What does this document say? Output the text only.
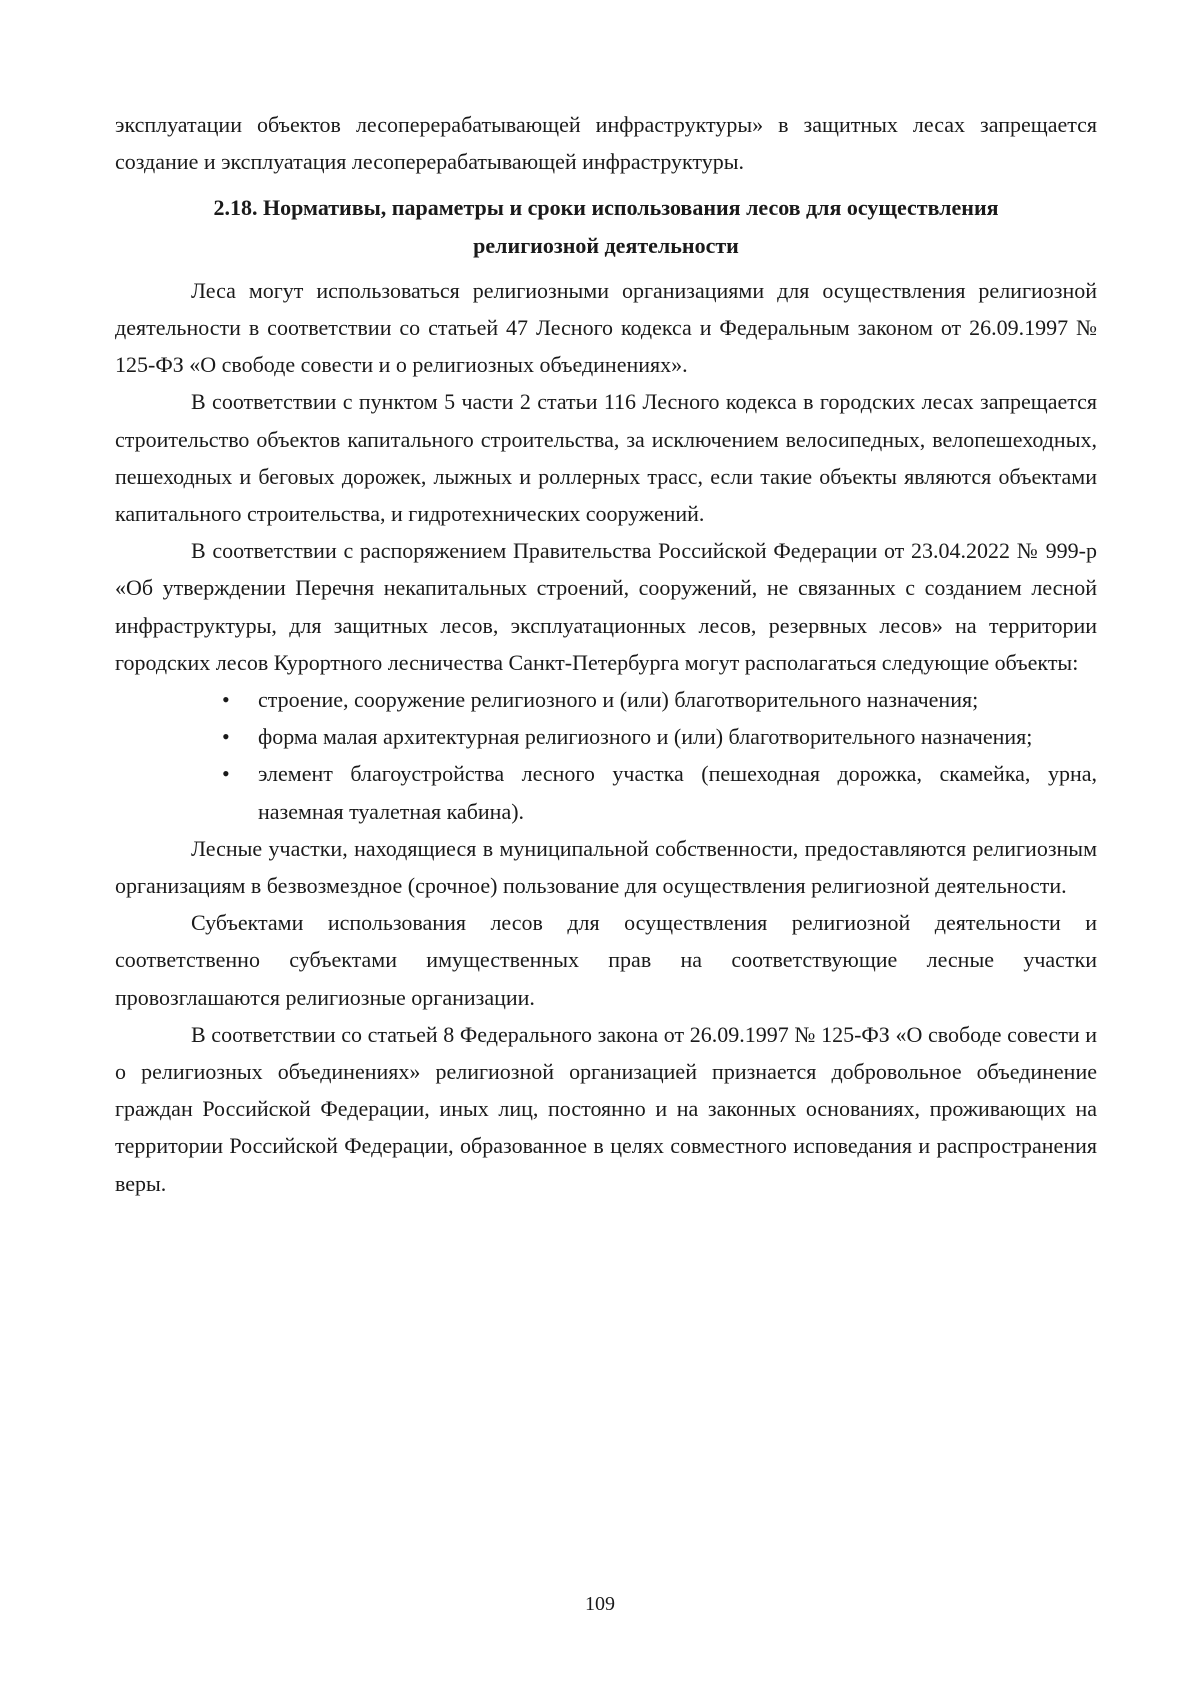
эксплуатации объектов лесоперерабатывающей инфраструктуры» в защитных лесах запрещается создание и эксплуатация лесоперерабатывающей инфраструктуры.

2.18. Нормативы, параметры и сроки использования лесов для осуществления религиозной деятельности

Леса могут использоваться религиозными организациями для осуществления религиозной деятельности в соответствии со статьей 47 Лесного кодекса и Федеральным законом от 26.09.1997 № 125-ФЗ «О свободе совести и о религиозных объединениях».

В соответствии с пунктом 5 части 2 статьи 116 Лесного кодекса в городских лесах запрещается строительство объектов капитального строительства, за исключением велосипедных, велопешеходных, пешеходных и беговых дорожек, лыжных и роллерных трасс, если такие объекты являются объектами капитального строительства, и гидротехнических сооружений.

В соответствии с распоряжением Правительства Российской Федерации от 23.04.2022 № 999-р «Об утверждении Перечня некапитальных строений, сооружений, не связанных с созданием лесной инфраструктуры, для защитных лесов, эксплуатационных лесов, резервных лесов» на территории городских лесов Курортного лесничества Санкт-Петербурга могут располагаться следующие объекты:

• строение, сооружение религиозного и (или) благотворительного назначения;
• форма малая архитектурная религиозного и (или) благотворительного назначения;
• элемент благоустройства лесного участка (пешеходная дорожка, скамейка, урна, наземная туалетная кабина).

Лесные участки, находящиеся в муниципальной собственности, предоставляются религиозным организациям в безвозмездное (срочное) пользование для осуществления религиозной деятельности.

Субъектами использования лесов для осуществления религиозной деятельности и соответственно субъектами имущественных прав на соответствующие лесные участки провозглашаются религиозные организации.

В соответствии со статьей 8 Федерального закона от 26.09.1997 № 125-ФЗ «О свободе совести и о религиозных объединениях» религиозной организацией признается добровольное объединение граждан Российской Федерации, иных лиц, постоянно и на законных основаниях, проживающих на территории Российской Федерации, образованное в целях совместного исповедания и распространения веры.

109
